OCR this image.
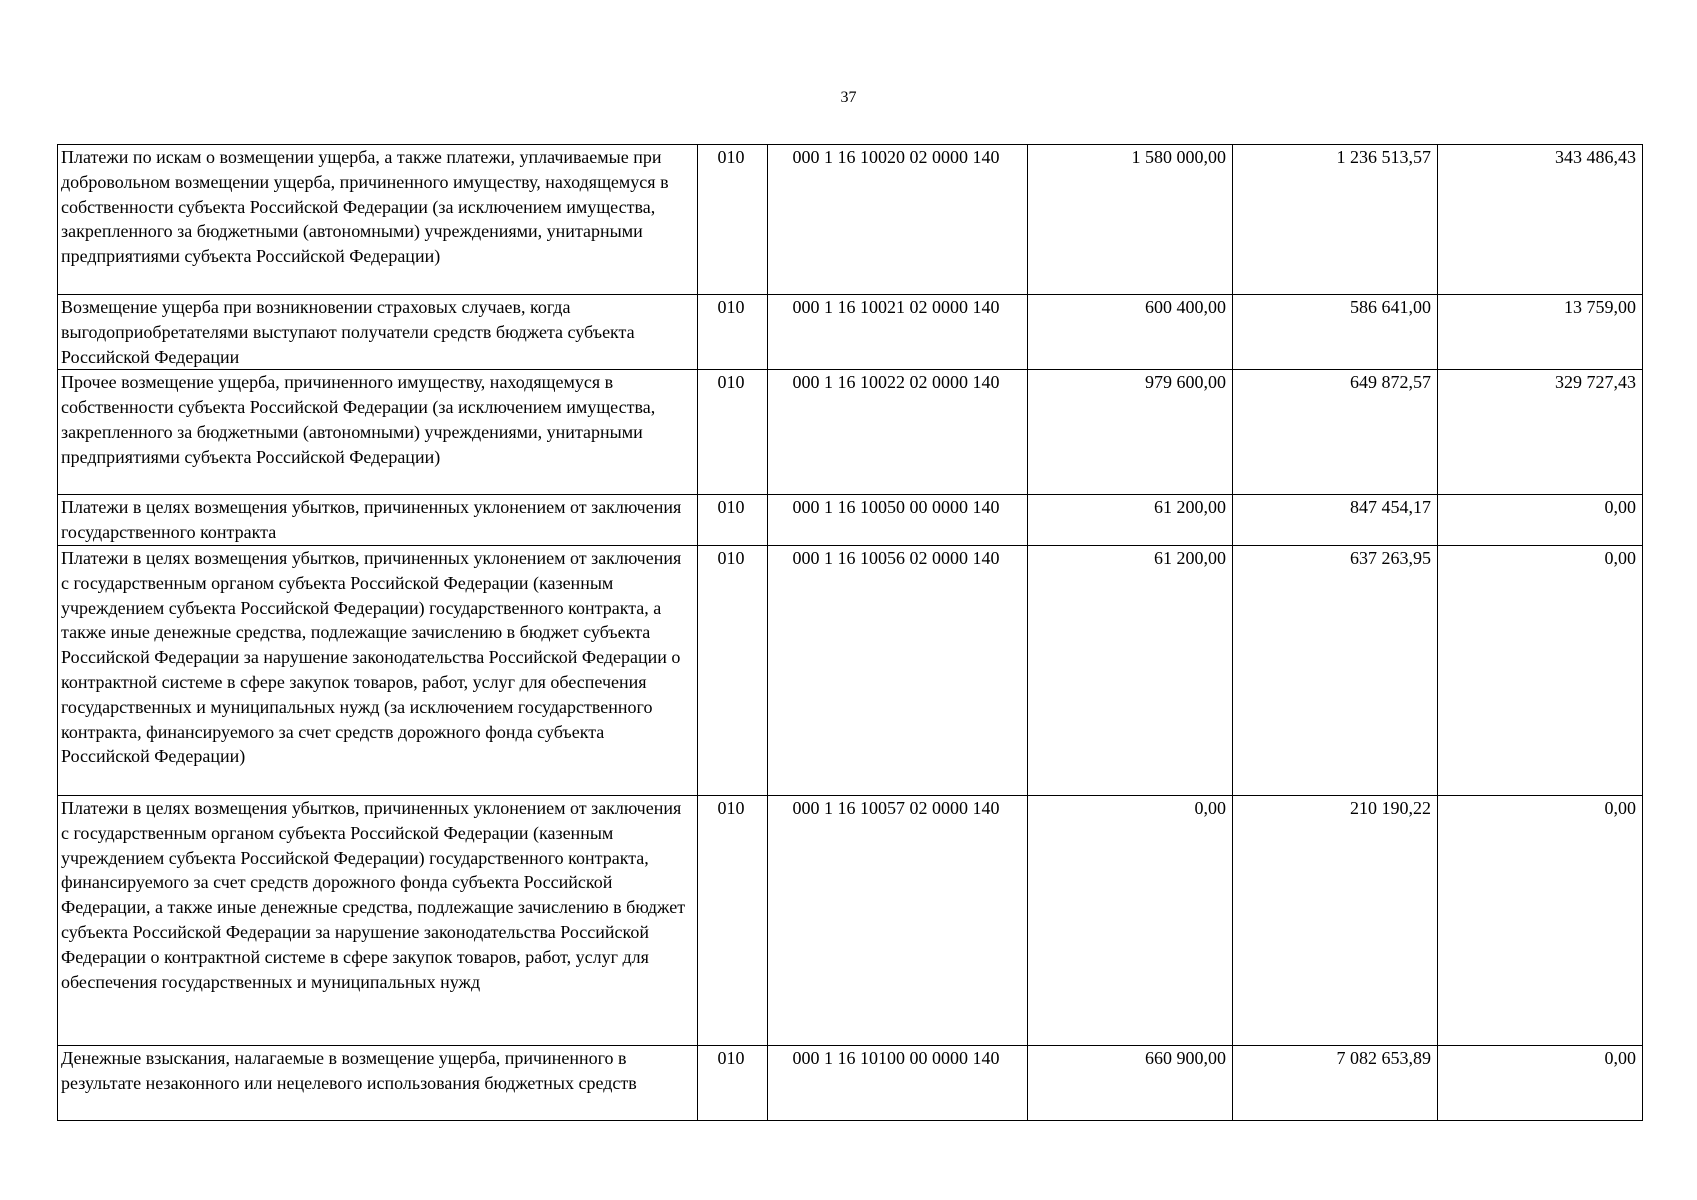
37
Платежи по искам о возмещении ущерба, а также платежи, уплачиваемые при добровольном возмещении ущерба, причиненного имуществу, находящемуся в собственности субъекта Российской Федерации (за исключением имущества, закрепленного за бюджетными (автономными) учреждениями, унитарными предприятиями субъекта Российской Федерации)	010	000 1 16 10020 02 0000 140	1 580 000,00	1 236 513,57	343 486,43
Возмещение ущерба при возникновении страховых случаев, когда выгодоприобретателями выступают получатели средств бюджета субъекта Российской Федерации	010	000 1 16 10021 02 0000 140	600 400,00	586 641,00	13 759,00
Прочее возмещение ущерба, причиненного имуществу, находящемуся в собственности субъекта Российской Федерации (за исключением имущества, закрепленного за бюджетными (автономными) учреждениями, унитарными предприятиями субъекта Российской Федерации)	010	000 1 16 10022 02 0000 140	979 600,00	649 872,57	329 727,43
Платежи в целях возмещения убытков, причиненных уклонением от заключения государственного контракта	010	000 1 16 10050 00 0000 140	61 200,00	847 454,17	0,00
Платежи в целях возмещения убытков, причиненных уклонением от заключения с государственным органом субъекта Российской Федерации (казенным учреждением субъекта Российской Федерации) государственного контракта, а также иные денежные средства, подлежащие зачислению в бюджет субъекта Российской Федерации за нарушение законодательства Российской Федерации о контрактной системе в сфере закупок товаров, работ, услуг для обеспечения государственных и муниципальных нужд (за исключением государственного контракта, финансируемого за счет средств дорожного фонда субъекта Российской Федерации)	010	000 1 16 10056 02 0000 140	61 200,00	637 263,95	0,00
Платежи в целях возмещения убытков, причиненных уклонением от заключения с государственным органом субъекта Российской Федерации (казенным учреждением субъекта Российской Федерации) государственного контракта, финансируемого за счет средств дорожного фонда субъекта Российской Федерации, а также иные денежные средства, подлежащие зачислению в бюджет субъекта Российской Федерации за нарушение законодательства Российской Федерации о контрактной системе в сфере закупок товаров, работ, услуг для обеспечения государственных и муниципальных нужд	010	000 1 16 10057 02 0000 140	0,00	210 190,22	0,00
Денежные взыскания, налагаемые в возмещение ущерба, причиненного в результате незаконного или нецелевого использования бюджетных средств	010	000 1 16 10100 00 0000 140	660 900,00	7 082 653,89	0,00
